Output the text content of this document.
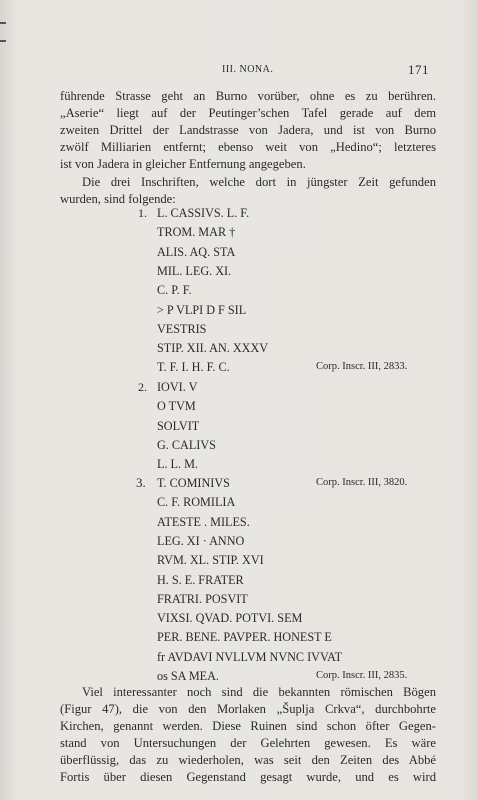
III. NONA.	171

führende Strasse geht an Burno vorüber, ohne es zu berühren.
„Aserie“ liegt auf der Peutinger’schen Tafel gerade auf dem
zweiten Drittel der Landstrasse von Jadera, und ist von Burno
zwölf Milliarien entfernt; ebenso weit von „Hedino“; letzteres
ist von Jadera in gleicher Entfernung angegeben.

Die drei Inschriften, welche dort in jüngster Zeit gefunden
wurden, sind folgende:

1. L. CASSIVS. L. F.
TROM. MAR †
ALIS. AQ. STA
MIL. LEG. XI.
C. P. F.
> P VLPI D F SIL
VESTRIS
STIP. XII. AN. XXXV
T. F. I. H. F. C.	Corp. Inscr. III, 2833.
2. IOVI. V
O TVM
SOLVIT
G. CALIVS
L. L. M.
3. T. COMINIVS	Corp. Inscr. III, 3820.
C. F. ROMILIA
ATESTE . MILES.
LEG. XI · ANNO
RVM. XL. STIP. XVI
H. S. E. FRATER
FRATRI. POSVIT
VIXSI. QVAD. POTVI. SEM
PER. BENE. PAVPER. HONEST E
fr AVDAVI NVLLVM NVNC IVVAT
os SA MEA.	Corp. Inscr. III, 2835.

Viel interessanter noch sind die bekannten römischen Bögen
(Figur 47), die von den Morlaken „Šuplja Crkva“, durchbohrte
Kirchen, genannt werden. Diese Ruinen sind schon öfter Gegen-
stand von Untersuchungen der Gelehrten gewesen. Es wäre
überflüssig, das zu wiederholen, was seit den Zeiten des Abbé
Fortis über diesen Gegenstand gesagt wurde, und es wird
